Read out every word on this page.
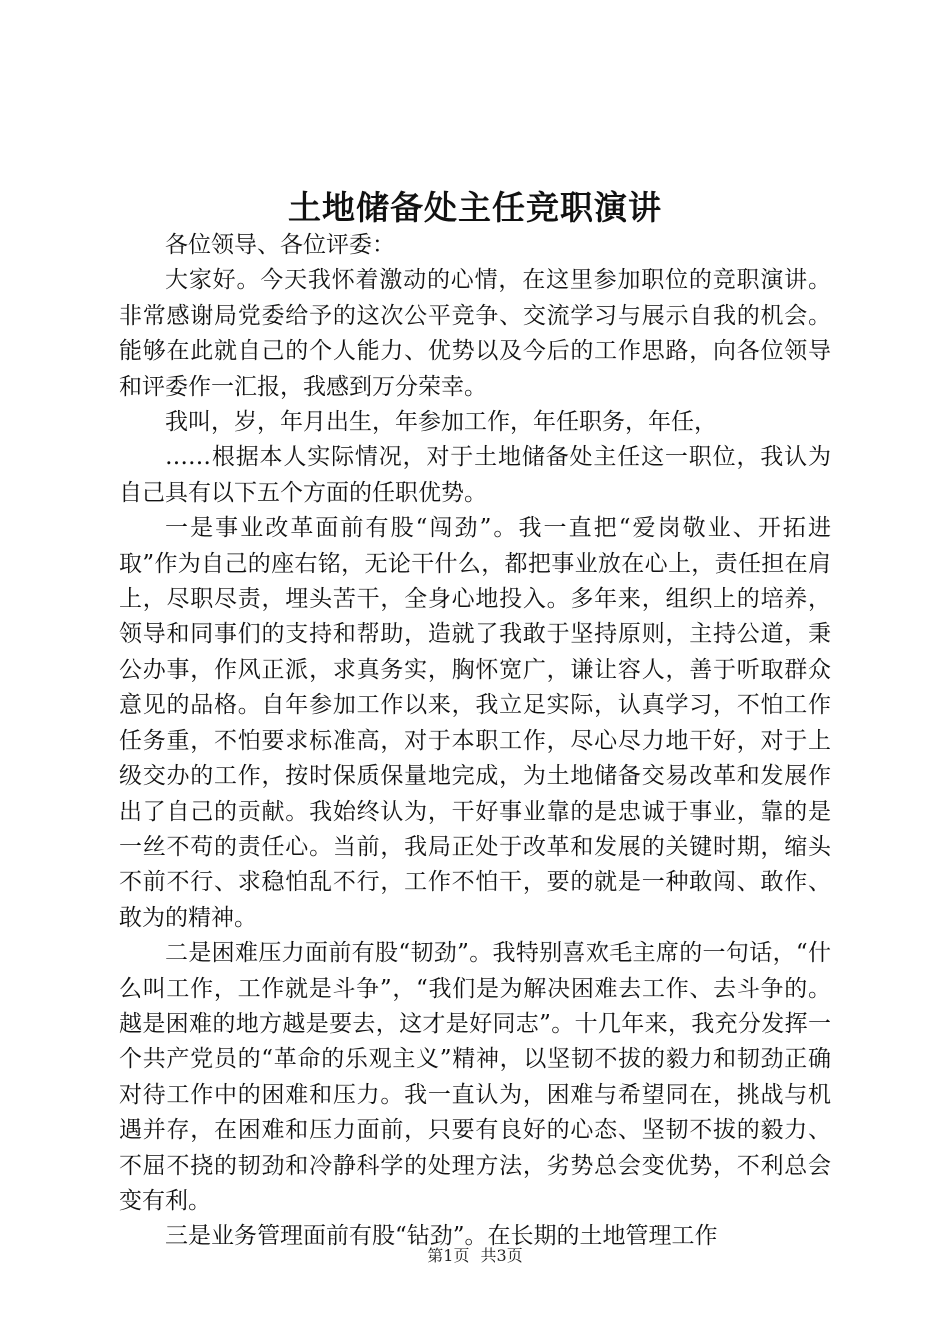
土地储备处主任竞职演讲

各位领导、各位评委：

大家好。今天我怀着激动的心情，在这里参加职位的竞职演讲。非常感谢局党委给予的这次公平竞争、交流学习与展示自我的机会。能够在此就自己的个人能力、优势以及今后的工作思路，向各位领导和评委作一汇报，我感到万分荣幸。

我叫，岁，年月出生，年参加工作，年任职务，年任，

……根据本人实际情况，对于土地储备处主任这一职位，我认为自己具有以下五个方面的任职优势。

一是事业改革面前有股“闯劲”。我一直把“爱岗敬业、开拓进取”作为自己的座右铭，无论干什么，都把事业放在心上，责任担在肩上，尽职尽责，埋头苦干，全身心地投入。多年来，组织上的培养，领导和同事们的支持和帮助，造就了我敢于坚持原则，主持公道，秉公办事，作风正派，求真务实，胸怀宽广，谦让容人，善于听取群众意见的品格。自年参加工作以来，我立足实际，认真学习，不怕工作任务重，不怕要求标准高，对于本职工作，尽心尽力地干好，对于上级交办的工作，按时保质保量地完成，为土地储备交易改革和发展作出了自己的贡献。我始终认为，干好事业靠的是忠诚于事业，靠的是一丝不苟的责任心。当前，我局正处于改革和发展的关键时期，缩头不前不行、求稳怕乱不行，工作不怕干，要的就是一种敢闯、敢作、敢为的精神。

二是困难压力面前有股“韧劲”。我特别喜欢毛主席的一句话，“什么叫工作，工作就是斗争”，“我们是为解决困难去工作、去斗争的。越是困难的地方越是要去，这才是好同志”。十几年来，我充分发挥一个共产党员的“革命的乐观主义”精神，以坚韧不拔的毅力和韧劲正确对待工作中的困难和压力。我一直认为，困难与希望同在，挑战与机遇并存，在困难和压力面前，只要有良好的心态、坚韧不拔的毅力、不屈不挠的韧劲和冷静科学的处理方法，劣势总会变优势，不利总会变有利。

三是业务管理面前有股“钻劲”。在长期的土地管理工作

第1页 共3页
